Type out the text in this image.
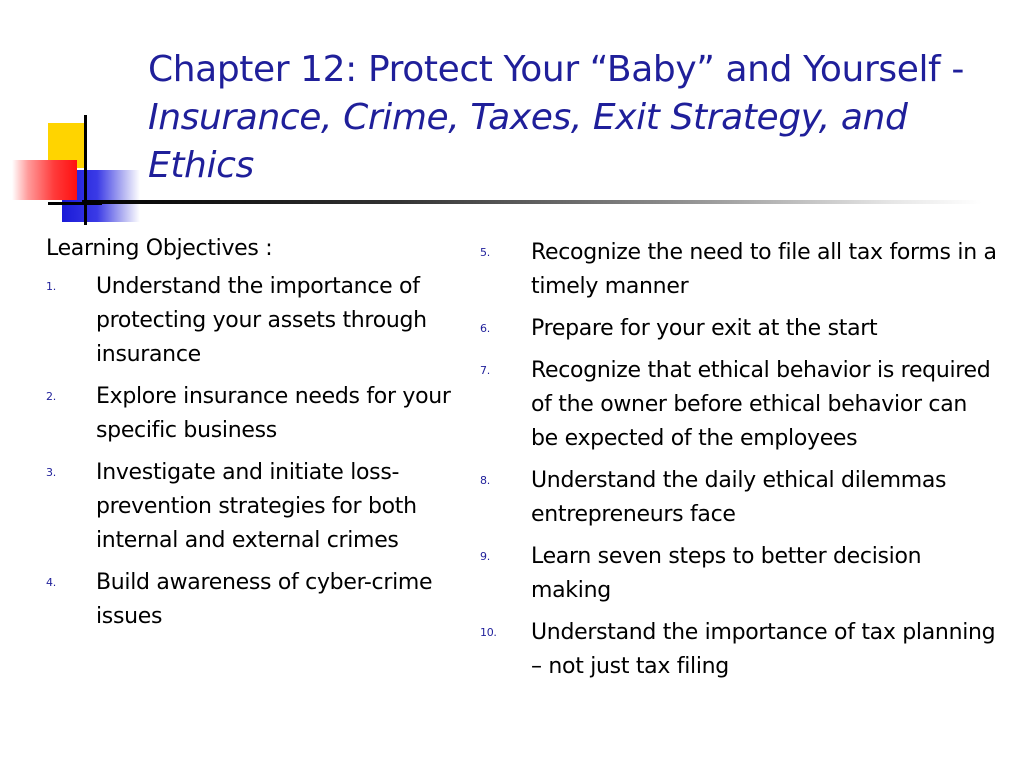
Chapter 12: Protect Your “Baby” and Yourself - Insurance, Crime, Taxes, Exit Strategy, and Ethics
Learning Objectives :
1. Understand the importance of protecting your assets through insurance
2. Explore insurance needs for your specific business
3. Investigate and initiate loss-prevention strategies for both internal and external crimes
4. Build awareness of cyber-crime issues
5. Recognize the need to file all tax forms in a timely manner
6. Prepare for your exit at the start
7. Recognize that ethical behavior is required of the owner before ethical behavior can be expected of the employees
8. Understand the daily ethical dilemmas entrepreneurs face
9. Learn seven steps to better decision making
10. Understand the importance of tax planning – not just tax filing
